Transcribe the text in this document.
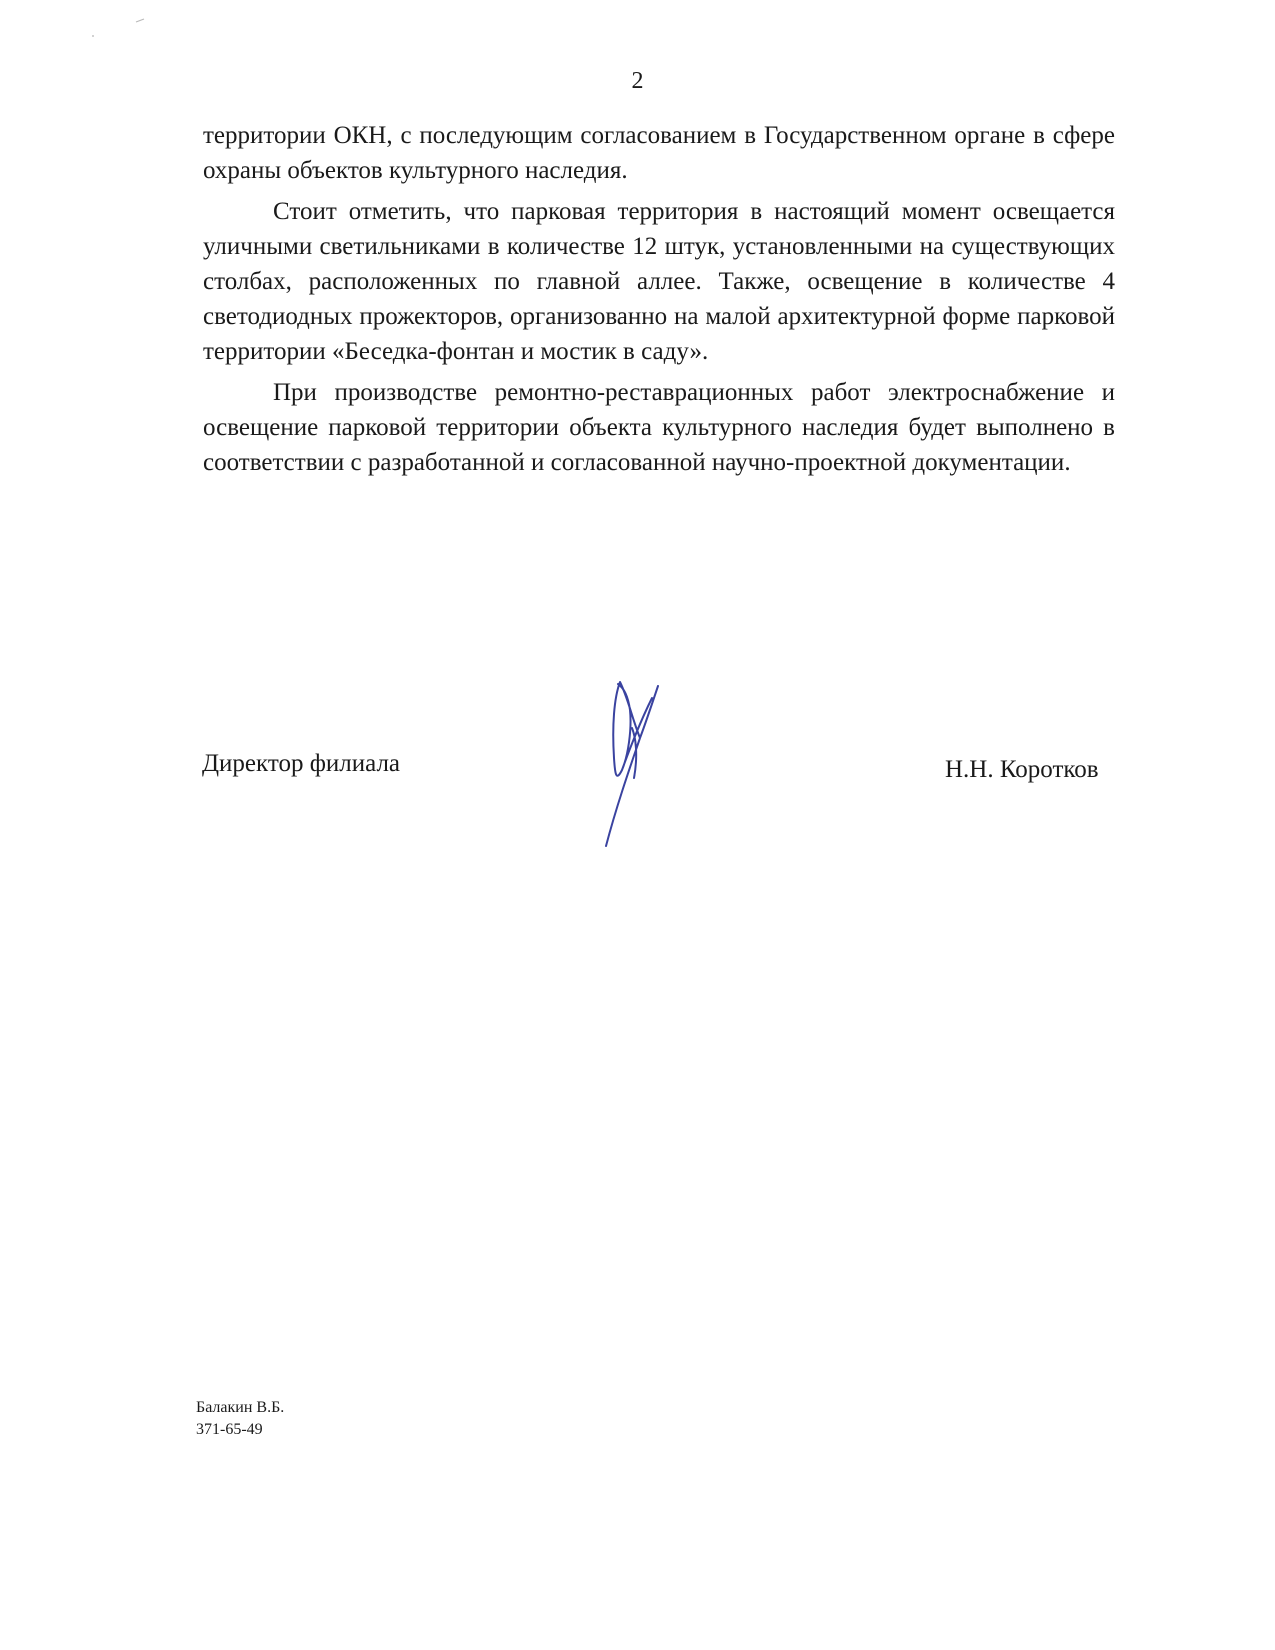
2

территории ОКН, с последующим согласованием в Государственном органе в сфере охраны объектов культурного наследия.

Стоит отметить, что парковая территория в настоящий момент освещается уличными светильниками в количестве 12 штук, установленными на существующих столбах, расположенных по главной аллее. Также, освещение в количестве 4 светодиодных прожекторов, организованно на малой архитектурной форме парковой территории «Беседка-фонтан и мостик в саду».

При производстве ремонтно-реставрационных работ электроснабжение и освещение парковой территории объекта культурного наследия будет выполнено в соответствии с разработанной и согласованной научно-проектной документации.

Директор филиала	Н.Н. Коротков
Балакин В.Б.
371-65-49
